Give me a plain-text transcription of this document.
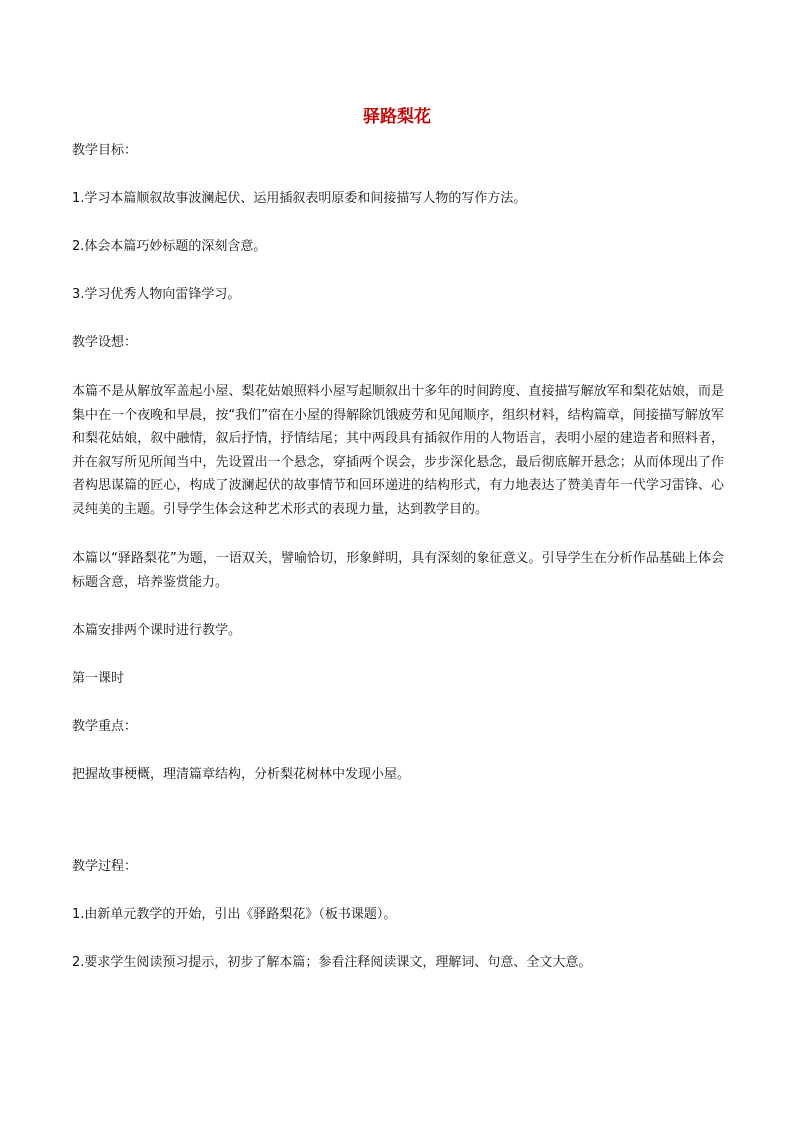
驿路梨花

教学目标：

1.学习本篇顺叙故事波澜起伏、运用插叙表明原委和间接描写人物的写作方法。

2.体会本篇巧妙标题的深刻含意。

3.学习优秀人物向雷锋学习。

教学设想：

本篇不是从解放军盖起小屋、梨花姑娘照料小屋写起顺叙出十多年的时间跨度、直接描写解放军和梨花姑娘，而是集中在一个夜晚和早晨，按“我们”宿在小屋的得解除饥饿疲劳和见闻顺序，组织材料，结构篇章，间接描写解放军和梨花姑娘，叙中融情，叙后抒情，抒情结尾；其中两段具有插叙作用的人物语言，表明小屋的建造者和照料者，并在叙写所见所闻当中，先设置出一个悬念，穿插两个误会，步步深化悬念，最后彻底解开悬念；从而体现出了作者构思谋篇的匠心，构成了波澜起伏的故事情节和回环递进的结构形式，有力地表达了赞美青年一代学习雷锋、心灵纯美的主题。引导学生体会这种艺术形式的表现力量，达到教学目的。

本篇以“驿路梨花”为题，一语双关，譬喻恰切，形象鲜明，具有深刻的象征意义。引导学生在分析作品基础上体会标题含意，培养鉴赏能力。

本篇安排两个课时进行教学。

第一课时

教学重点：

把握故事梗概，理清篇章结构，分析梨花树林中发现小屋。

教学过程：

1.由新单元教学的开始，引出《驿路梨花》（板书课题）。

2.要求学生阅读预习提示，初步了解本篇；参看注释阅读课文，理解词、句意、全文大意。
